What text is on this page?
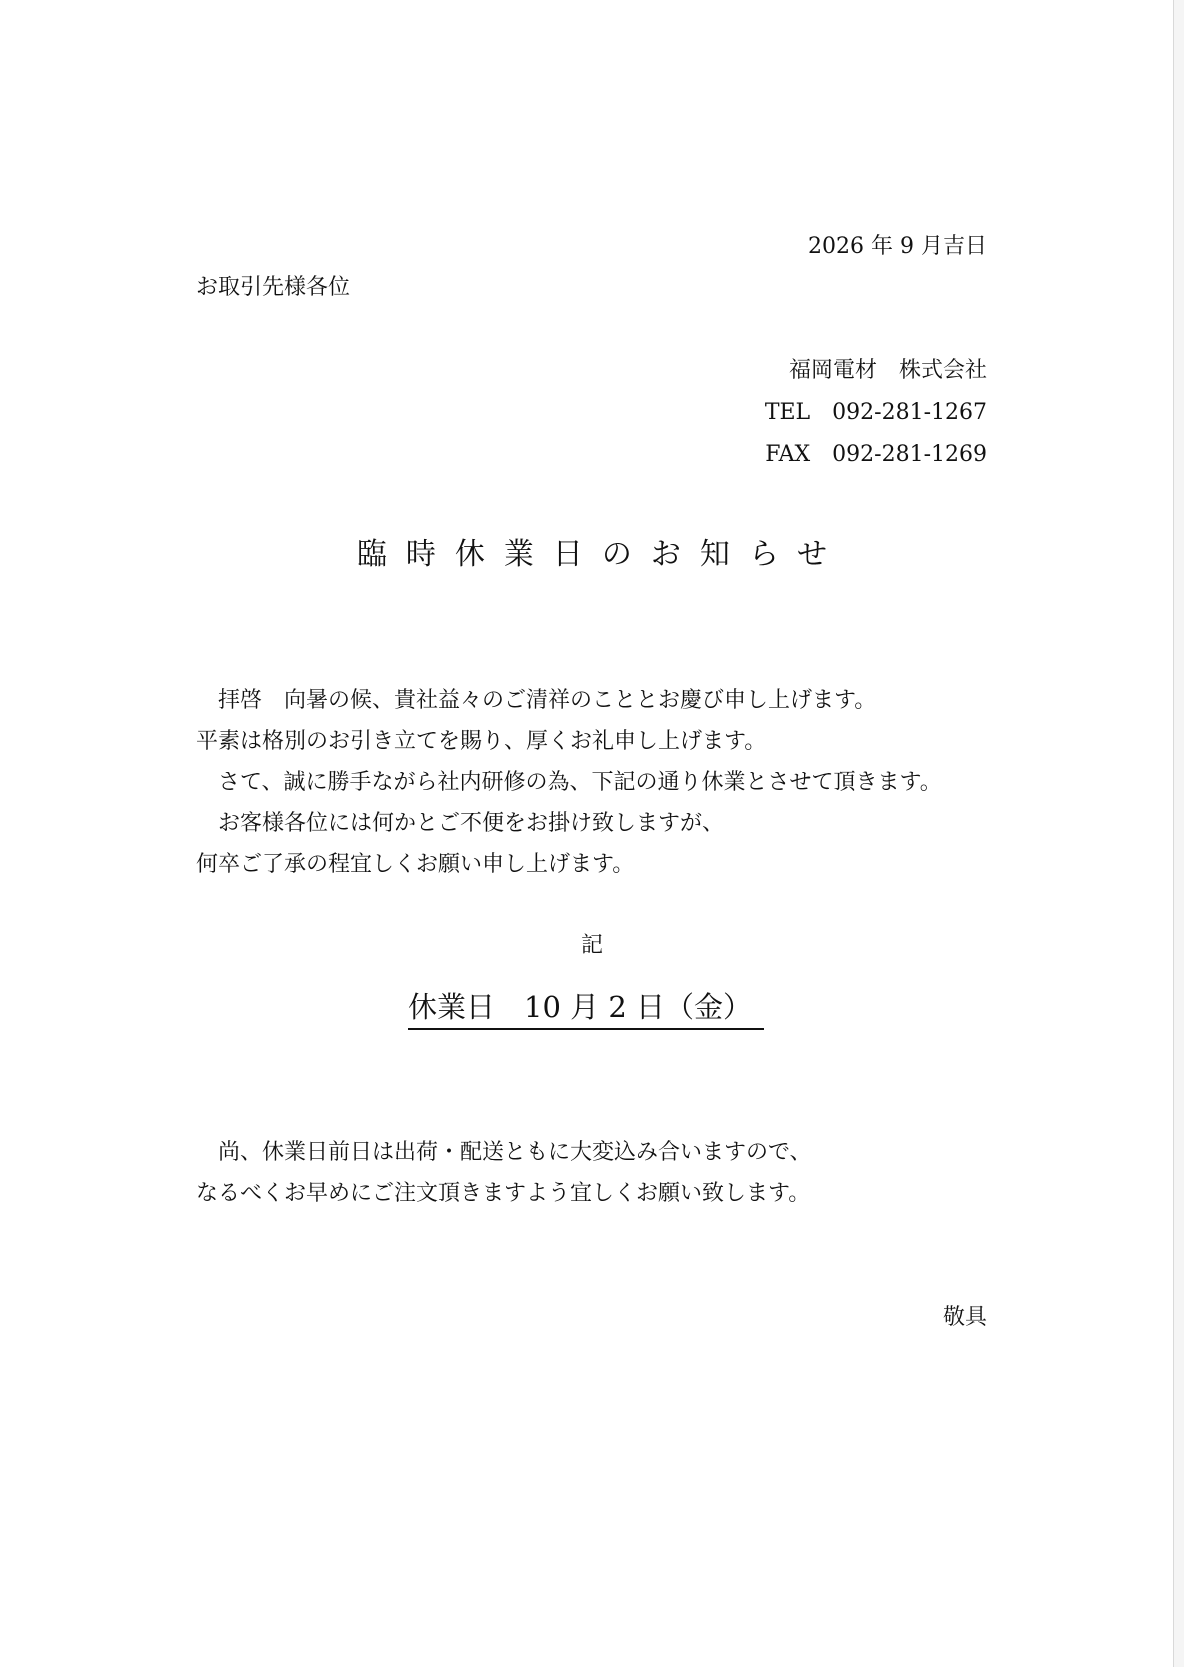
2026 年 9 月吉日
お取引先様各位
福岡電材　株式会社
TEL　092-281-1267
FAX　092-281-1269
臨時休業日のお知らせ
　拝啓　向暑の候、貴社益々のご清祥のこととお慶び申し上げます。
平素は格別のお引き立てを賜り、厚くお礼申し上げます。
　さて、誠に勝手ながら社内研修の為、下記の通り休業とさせて頂きます。
　お客様各位には何かとご不便をお掛け致しますが、
何卒ご了承の程宜しくお願い申し上げます。
記
休業日　10 月 2 日（金）
　尚、休業日前日は出荷・配送ともに大変込み合いますので、
なるべくお早めにご注文頂きますよう宜しくお願い致します。
敬具
